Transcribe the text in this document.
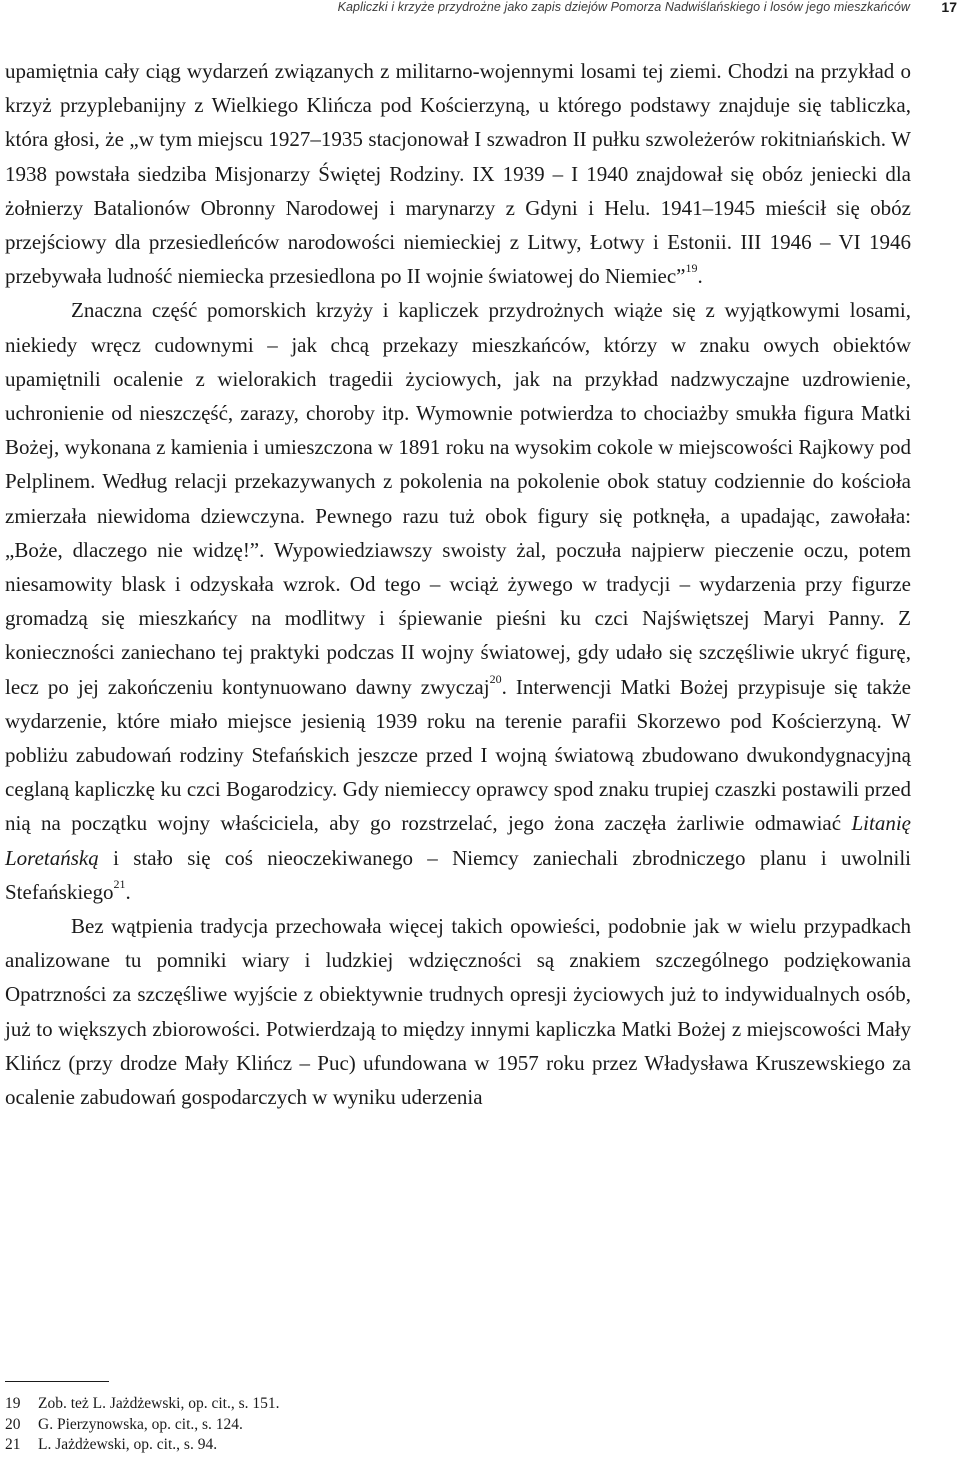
Kapliczki i krzyże przydrożne jako zapis dziejów Pomorza Nadwiślańskiego i losów jego mieszkańców 17

upamiętnia cały ciąg wydarzeń związanych z militarno-wojennymi losami tej ziemi. Chodzi na przykład o krzyż przyplebanijny z Wielkiego Klińcza pod Kościerzyną, u którego podstawy znajduje się tabliczka, która głosi, że „w tym miejscu 1927–1935 stacjonował I szwadron II pułku szwoleżerów rokitniańskich. W 1938 powstała siedziba Misjonarzy Świętej Rodziny. IX 1939 – I 1940 znajdował się obóz jeniecki dla żołnierzy Batalionów Obronny Narodowej i marynarzy z Gdyni i Helu. 1941–1945 mieścił się obóz przejściowy dla przesiedleńców narodowości niemieckiej z Litwy, Łotwy i Estonii. III 1946 – VI 1946 przebywała ludność niemiecka przesiedlona po II wojnie światowej do Niemiec”$^{19}$.

Znaczna część pomorskich krzyży i kapliczek przydrożnych wiąże się z wyjątkowymi losami, niekiedy wręcz cudownymi – jak chcą przekazy mieszkańców, którzy w znaku owych obiektów upamiętnili ocalenie z wielorakich tragedii życiowych, jak na przykład nadzwyczajne uzdrowienie, uchronienie od nieszczęść, zarazy, choroby itp. Wymownie potwierdza to chociażby smukła figura Matki Bożej, wykonana z kamienia i umieszczona w 1891 roku na wysokim cokole w miejscowości Rajkowy pod Pelplinem. Według relacji przekazywanych z pokolenia na pokolenie obok statuy codziennie do kościoła zmierzała niewidoma dziewczyna. Pewnego razu tuż obok figury się potknęła, a upadając, zawołała: „Boże, dlaczego nie widzę!”. Wypowiedziawszy swoisty żal, poczuła najpierw pieczenie oczu, potem niesamowity blask i odzyskała wzrok. Od tego – wciąż żywego w tradycji – wydarzenia przy figurze gromadzą się mieszkańcy na modlitwy i śpiewanie pieśni ku czci Najświętszej Maryi Panny. Z konieczności zaniechano tej praktyki podczas II wojny światowej, gdy udało się szczęśliwie ukryć figurę, lecz po jej zakończeniu kontynuowano dawny zwyczaj$^{20}$. Interwencji Matki Bożej przypisuje się także wydarzenie, które miało miejsce jesienią 1939 roku na terenie parafii Skorzewo pod Kościerzyną. W pobliżu zabudowań rodziny Stefańskich jeszcze przed I wojną światową zbudowano dwukondygnacyjną ceglaną kapliczkę ku czci Bogarodzicy. Gdy niemieccy oprawcy spod znaku trupiej czaszki postawili przed nią na początku wojny właściciela, aby go rozstrzelać, jego żona zaczęła żarliwie odmawiać Litanię Loretańską i stało się coś nieoczekiwanego – Niemcy zaniechali zbrodniczego planu i uwolnili Stefańskiego$^{21}$.

Bez wątpienia tradycja przechowała więcej takich opowieści, podobnie jak w wielu przypadkach analizowane tu pomniki wiary i ludzkiej wdzięczności są znakiem szczególnego podziękowania Opatrzności za szczęśliwe wyjście z obiektywnie trudnych opresji życiowych już to indywidualnych osób, już to większych zbiorowości. Potwierdzają to między innymi kapliczka Matki Bożej z miejscowości Mały Klińcz (przy drodze Mały Klińcz – Puc) ufundowana w 1957 roku przez Władysława Kruszewskiego za ocalenie zabudowań gospodarczych w wyniku uderzenia

19	Zob. też L. Jażdżewski, op. cit., s. 151.
20	G. Pierzynowska, op. cit., s. 124.
21	L. Jażdżewski, op. cit., s. 94.
